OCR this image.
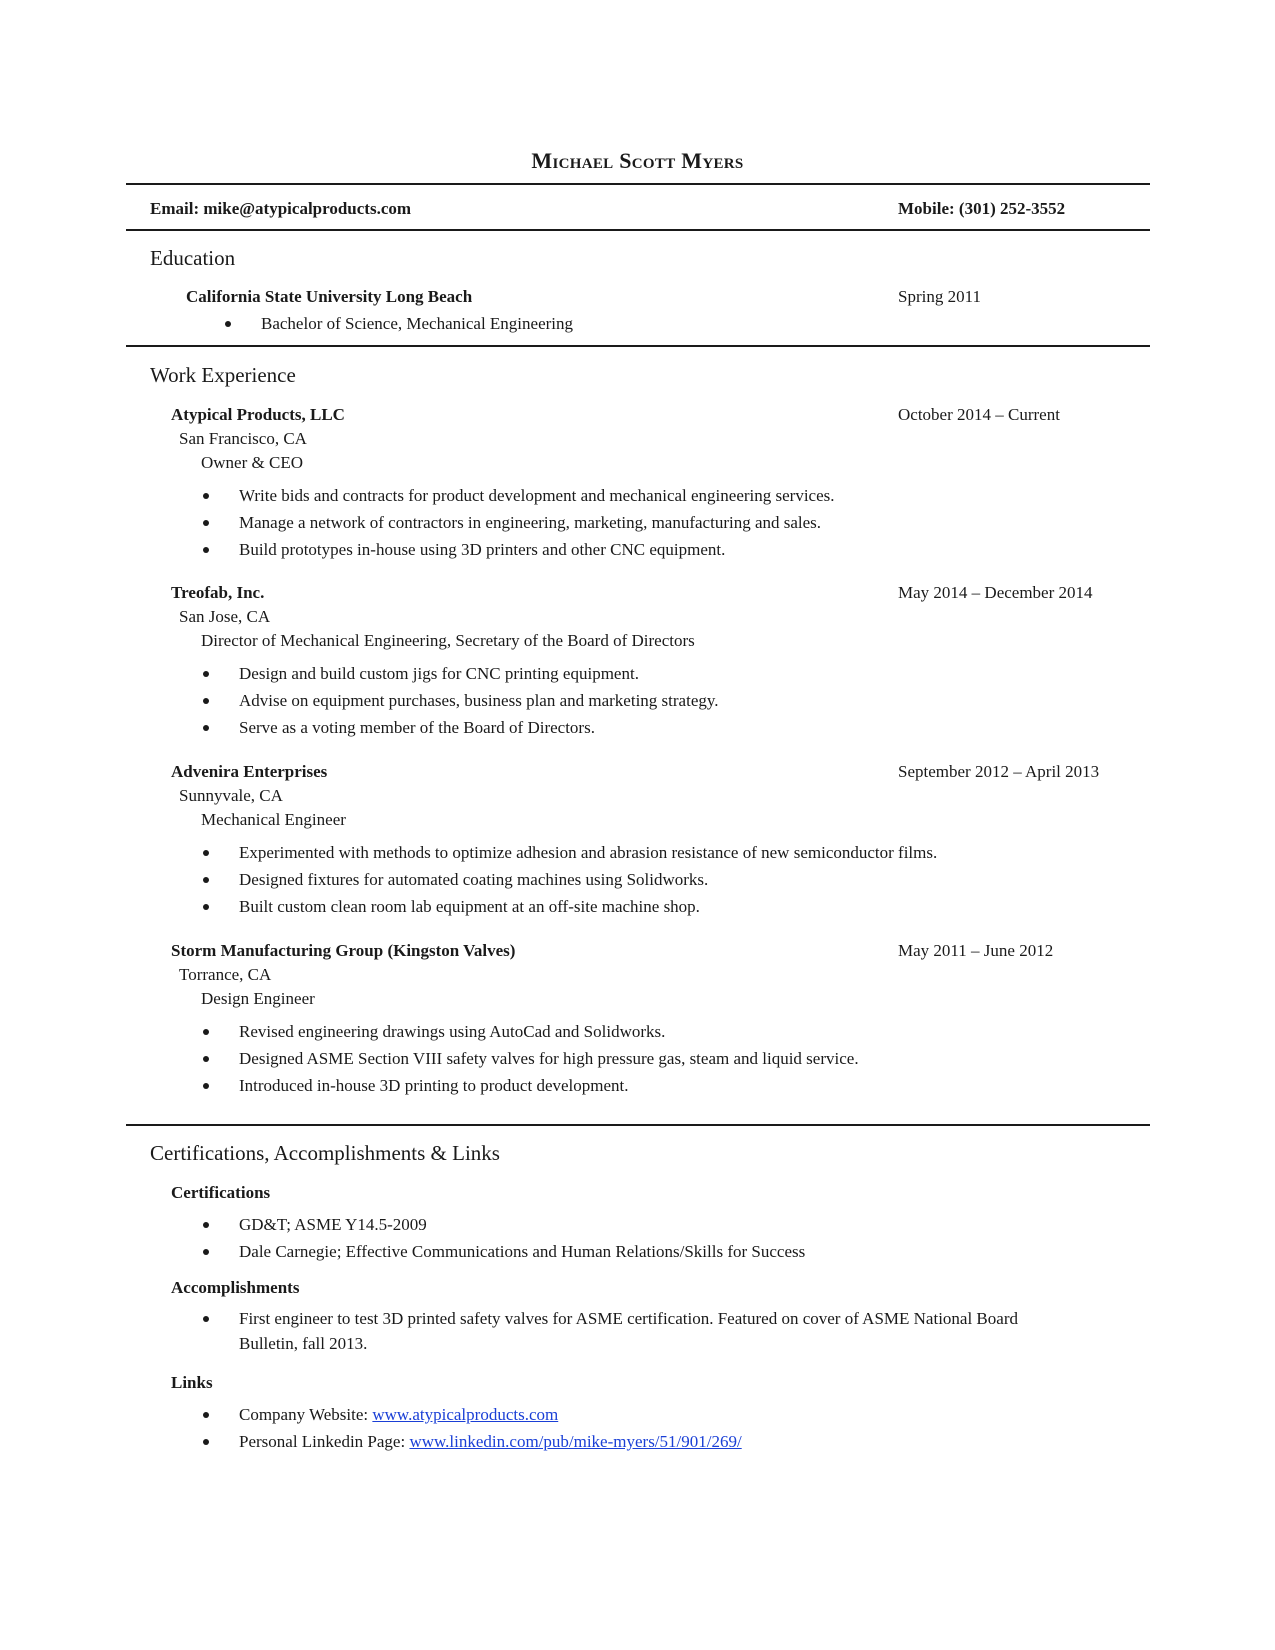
Michael Scott Myers
Email: mike@atypicalproducts.com	Mobile: (301) 252-3552
Education
California State University Long Beach	Spring 2011
Bachelor of Science, Mechanical Engineering
Work Experience
Atypical Products, LLC	October 2014 – Current
San Francisco, CA
Owner & CEO
Write bids and contracts for product development and mechanical engineering services.
Manage a network of contractors in engineering, marketing, manufacturing and sales.
Build prototypes in-house using 3D printers and other CNC equipment.
Treofab, Inc.	May 2014 – December 2014
San Jose, CA
Director of Mechanical Engineering, Secretary of the Board of Directors
Design and build custom jigs for CNC printing equipment.
Advise on equipment purchases, business plan and marketing strategy.
Serve as a voting member of the Board of Directors.
Advenira Enterprises	September 2012 – April 2013
Sunnyvale, CA
Mechanical Engineer
Experimented with methods to optimize adhesion and abrasion resistance of new semiconductor films.
Designed fixtures for automated coating machines using Solidworks.
Built custom clean room lab equipment at an off-site machine shop.
Storm Manufacturing Group (Kingston Valves)	May 2011 – June 2012
Torrance, CA
Design Engineer
Revised engineering drawings using AutoCad and Solidworks.
Designed ASME Section VIII safety valves for high pressure gas, steam and liquid service.
Introduced in-house 3D printing to product development.
Certifications, Accomplishments & Links
Certifications
GD&T; ASME Y14.5-2009
Dale Carnegie; Effective Communications and Human Relations/Skills for Success
Accomplishments
First engineer to test 3D printed safety valves for ASME certification. Featured on cover of ASME National Board Bulletin, fall 2013.
Links
Company Website: www.atypicalproducts.com
Personal Linkedin Page: www.linkedin.com/pub/mike-myers/51/901/269/
